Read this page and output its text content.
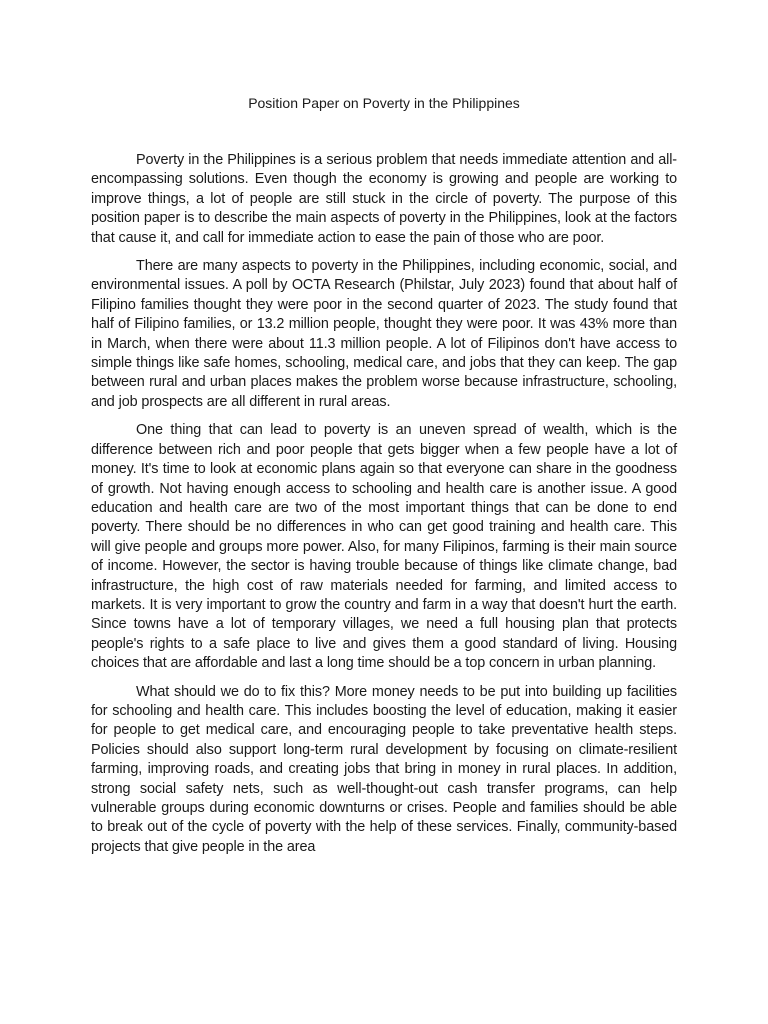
Position Paper on Poverty in the Philippines

Poverty in the Philippines is a serious problem that needs immediate attention and all-encompassing solutions. Even though the economy is growing and people are working to improve things, a lot of people are still stuck in the circle of poverty. The purpose of this position paper is to describe the main aspects of poverty in the Philippines, look at the factors that cause it, and call for immediate action to ease the pain of those who are poor.

There are many aspects to poverty in the Philippines, including economic, social, and environmental issues. A poll by OCTA Research (Philstar, July 2023) found that about half of Filipino families thought they were poor in the second quarter of 2023. The study found that half of Filipino families, or 13.2 million people, thought they were poor. It was 43% more than in March, when there were about 11.3 million people. A lot of Filipinos don't have access to simple things like safe homes, schooling, medical care, and jobs that they can keep. The gap between rural and urban places makes the problem worse because infrastructure, schooling, and job prospects are all different in rural areas.

One thing that can lead to poverty is an uneven spread of wealth, which is the difference between rich and poor people that gets bigger when a few people have a lot of money. It's time to look at economic plans again so that everyone can share in the goodness of growth. Not having enough access to schooling and health care is another issue. A good education and health care are two of the most important things that can be done to end poverty. There should be no differences in who can get good training and health care. This will give people and groups more power. Also, for many Filipinos, farming is their main source of income. However, the sector is having trouble because of things like climate change, bad infrastructure, the high cost of raw materials needed for farming, and limited access to markets. It is very important to grow the country and farm in a way that doesn't hurt the earth. Since towns have a lot of temporary villages, we need a full housing plan that protects people's rights to a safe place to live and gives them a good standard of living. Housing choices that are affordable and last a long time should be a top concern in urban planning.

What should we do to fix this? More money needs to be put into building up facilities for schooling and health care. This includes boosting the level of education, making it easier for people to get medical care, and encouraging people to take preventative health steps. Policies should also support long-term rural development by focusing on climate-resilient farming, improving roads, and creating jobs that bring in money in rural places. In addition, strong social safety nets, such as well-thought-out cash transfer programs, can help vulnerable groups during economic downturns or crises. People and families should be able to break out of the cycle of poverty with the help of these services. Finally, community-based projects that give people in the area
